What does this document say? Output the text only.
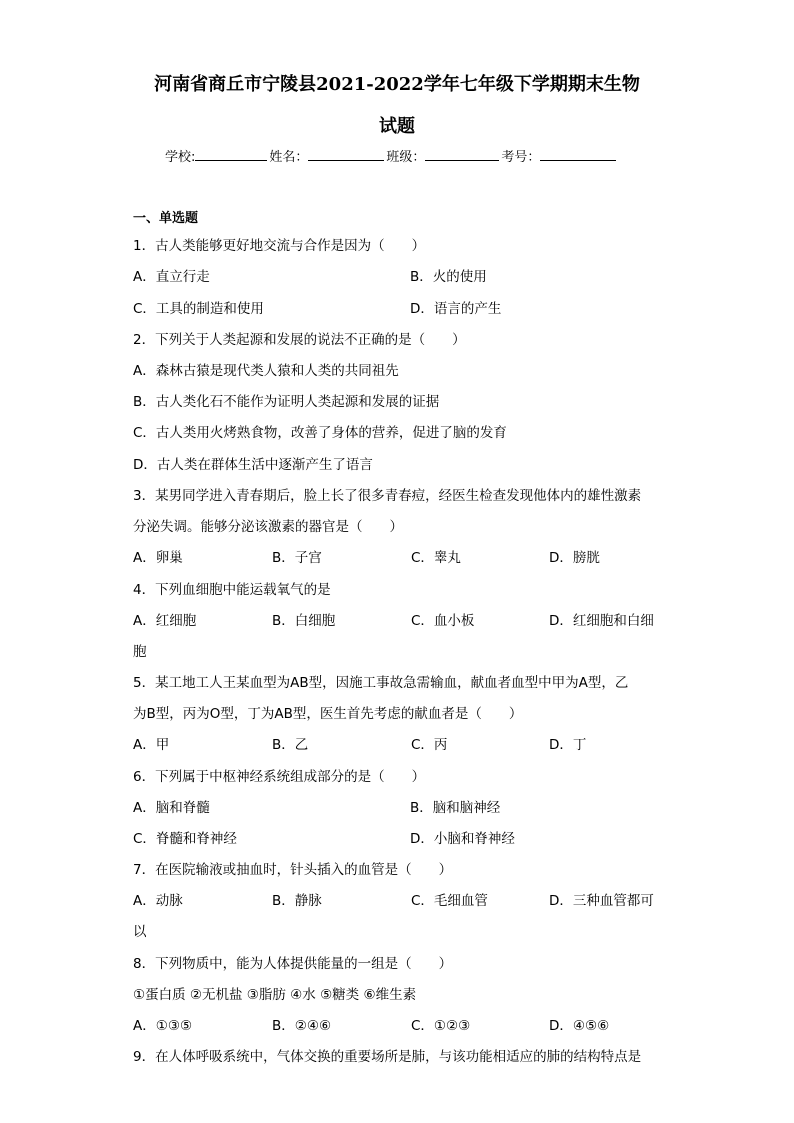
河南省商丘市宁陵县2021-2022学年七年级下学期期末生物
试题
学校:	姓名：	班级：	考号：
一、单选题
1．古人类能够更好地交流与合作是因为（　　）
A．直立行走	B．火的使用
C．工具的制造和使用	D．语言的产生
2．下列关于人类起源和发展的说法不正确的是（　　）
A．森林古猿是现代类人猿和人类的共同祖先
B．古人类化石不能作为证明人类起源和发展的证据
C．古人类用火烤熟食物，改善了身体的营养，促进了脑的发育
D．古人类在群体生活中逐渐产生了语言
3．某男同学进入青春期后，脸上长了很多青春痘，经医生检查发现他体内的雄性激素
分泌失调。能够分泌该激素的器官是（　　）
A．卵巢	B．子宫	C．睾丸	D．膀胱
4．下列血细胞中能运载氧气的是
A．红细胞	B．白细胞	C．血小板	D．红细胞和白细
胞
5．某工地工人王某血型为AB型，因施工事故急需输血，献血者血型中甲为A型，乙
为B型，丙为O型，丁为AB型，医生首先考虑的献血者是（　　）
A．甲	B．乙	C．丙	D．丁
6．下列属于中枢神经系统组成部分的是（　　）
A．脑和脊髓	B．脑和脑神经
C．脊髓和脊神经	D．小脑和脊神经
7．在医院输液或抽血时，针头插入的血管是（　　）
A．动脉	B．静脉	C．毛细血管	D．三种血管都可
以
8．下列物质中，能为人体提供能量的一组是（　　）
①蛋白质 ②无机盐 ③脂肪 ④水 ⑤糖类 ⑥维生素
A．①③⑤	B．②④⑥	C．①②③	D．④⑤⑥
9．在人体呼吸系统中，气体交换的重要场所是肺，与该功能相适应的肺的结构特点是
